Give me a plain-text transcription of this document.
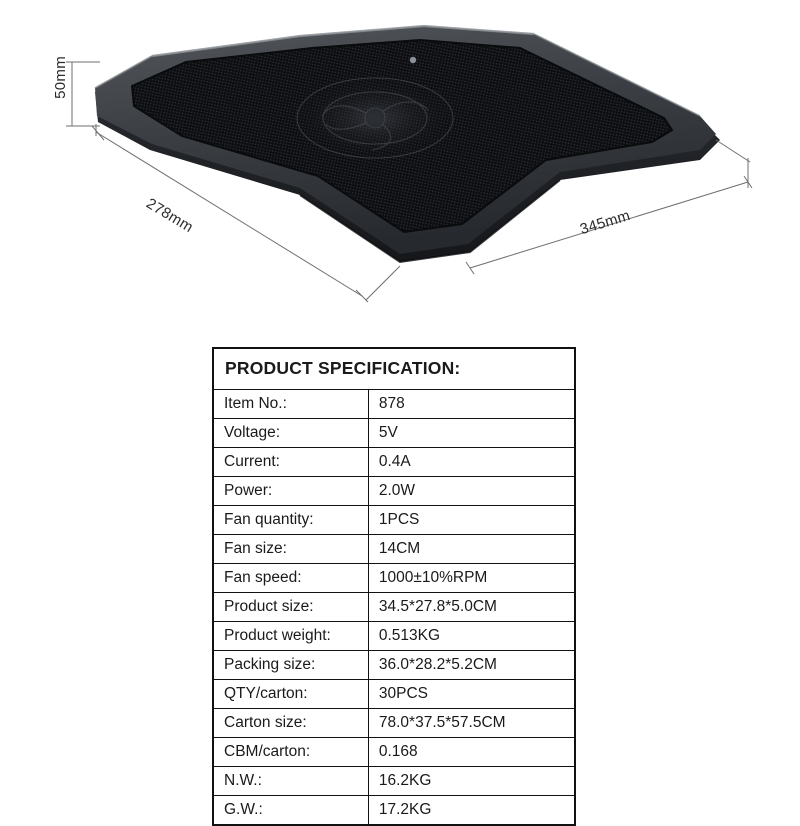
50mm
278mm	345mm
PRODUCT SPECIFICATION:	
Item No.:	878
Voltage:	5V
Current:	0.4A
Power:	2.0W
Fan quantity:	1PCS
Fan size:	14CM
Fan speed:	1000±10%RPM
Product size:	34.5*27.8*5.0CM
Product weight:	0.513KG
Packing size:	36.0*28.2*5.2CM
QTY/carton:	30PCS
Carton size:	78.0*37.5*57.5CM
CBM/carton:	0.168
N.W.:	16.2KG
G.W.:	17.2KG
